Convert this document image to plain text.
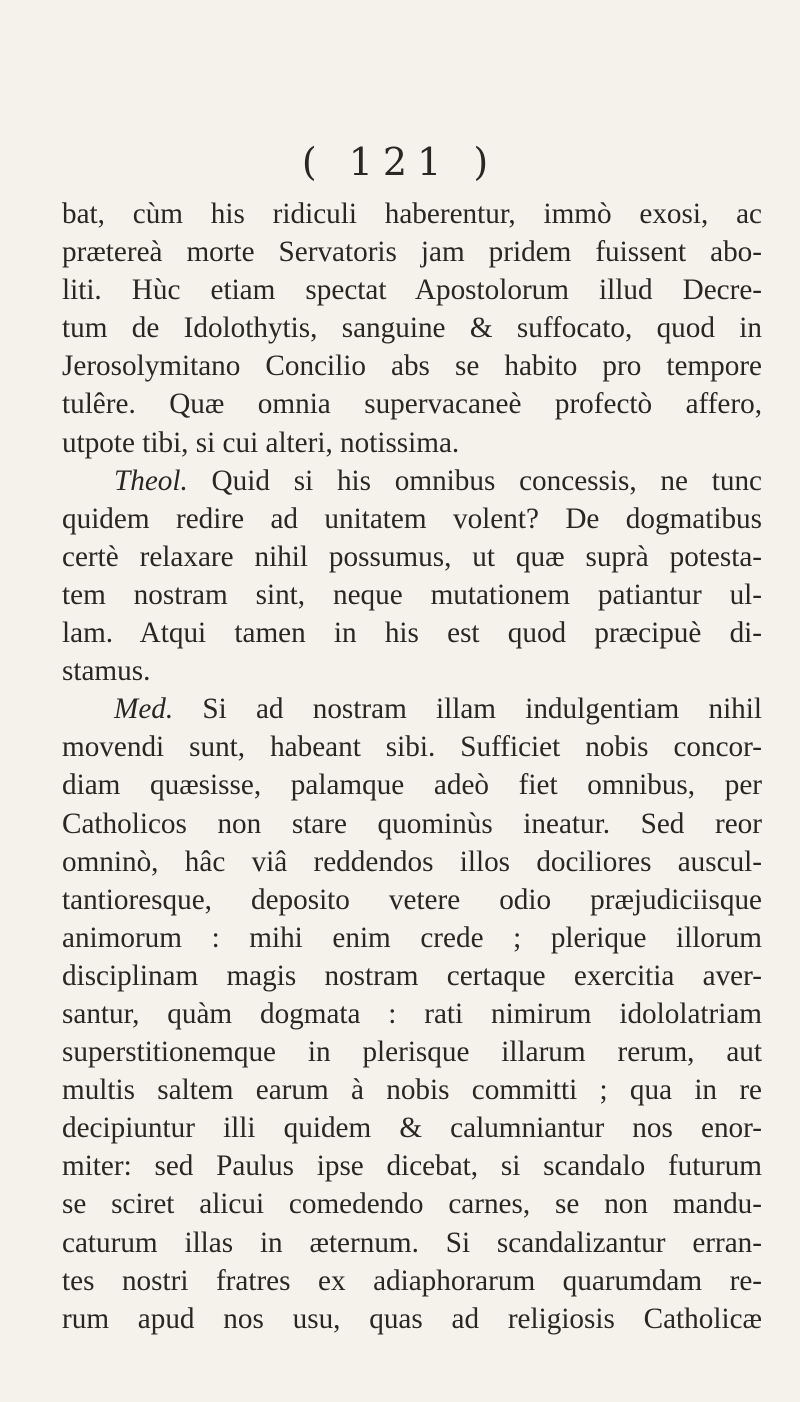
( 121 )
bat, cùm his ridiculi haberentur, immò exosi, ac
prætereà morte Servatoris jam pridem fuissent abo-
liti. Hùc etiam spectat Apostolorum illud Decre-
tum de Idolothytis, sanguine & suffocato, quod in
Jerosolymitano Concilio abs se habito pro tempore
tulêre. Quæ omnia supervacaneè profectò affero,
utpote tibi, si cui alteri, notissima.
Theol. Quid si his omnibus concessis, ne tunc
quidem redire ad unitatem volent? De dogmatibus
certè relaxare nihil possumus, ut quæ suprà potesta-
tem nostram sint, neque mutationem patiantur ul-
lam. Atqui tamen in his est quod præcipuè di-
stamus.
Med. Si ad nostram illam indulgentiam nihil
movendi sunt, habeant sibi. Sufficiet nobis concor-
diam quæsisse, palamque adeò fiet omnibus, per
Catholicos non stare quominùs ineatur. Sed reor
omninò, hâc viâ reddendos illos dociliores auscul-
tantioresque, deposito vetere odio præjudiciisque
animorum : mihi enim crede ; plerique illorum
disciplinam magis nostram certaque exercitia aver-
santur, quàm dogmata : rati nimirum idololatriam
superstitionemque in plerisque illarum rerum, aut
multis saltem earum à nobis committi ; qua in re
decipiuntur illi quidem & calumniantur nos enor-
miter: sed Paulus ipse dicebat, si scandalo futurum
se sciret alicui comedendo carnes, se non mandu-
caturum illas in æternum. Si scandalizantur erran-
tes nostri fratres ex adiaphorarum quarumdam re-
rum apud nos usu, quas ad religiosis Catholicæ
